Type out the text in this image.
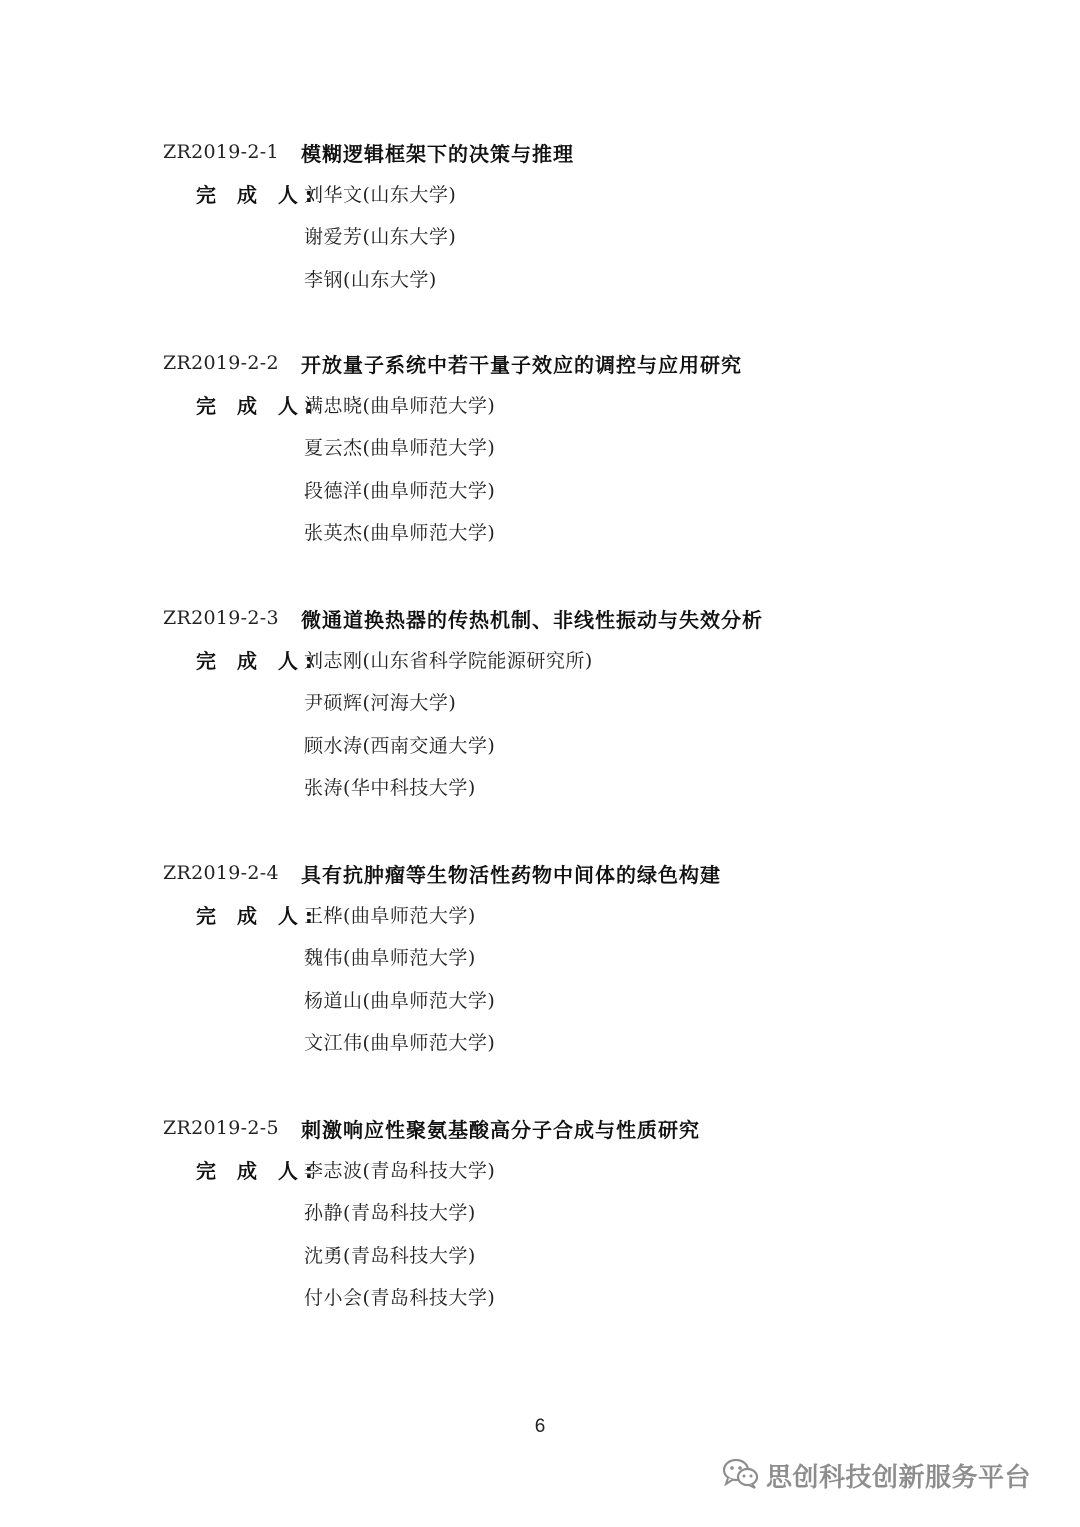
ZR2019-2-1	模糊逻辑框架下的决策与推理
完 成 人:
刘华文(山东大学)
谢爱芳(山东大学)
李钢(山东大学)
ZR2019-2-2	开放量子系统中若干量子效应的调控与应用研究
完 成 人:
满忠晓(曲阜师范大学)
夏云杰(曲阜师范大学)
段德洋(曲阜师范大学)
张英杰(曲阜师范大学)
ZR2019-2-3	微通道换热器的传热机制、非线性振动与失效分析
完 成 人:
刘志刚(山东省科学院能源研究所)
尹硕辉(河海大学)
顾水涛(西南交通大学)
张涛(华中科技大学)
ZR2019-2-4	具有抗肿瘤等生物活性药物中间体的绿色构建
完 成 人:
王桦(曲阜师范大学)
魏伟(曲阜师范大学)
杨道山(曲阜师范大学)
文江伟(曲阜师范大学)
ZR2019-2-5	刺激响应性聚氨基酸高分子合成与性质研究
完 成 人:
李志波(青岛科技大学)
孙静(青岛科技大学)
沈勇(青岛科技大学)
付小会(青岛科技大学)
6
思创科技创新服务平台
